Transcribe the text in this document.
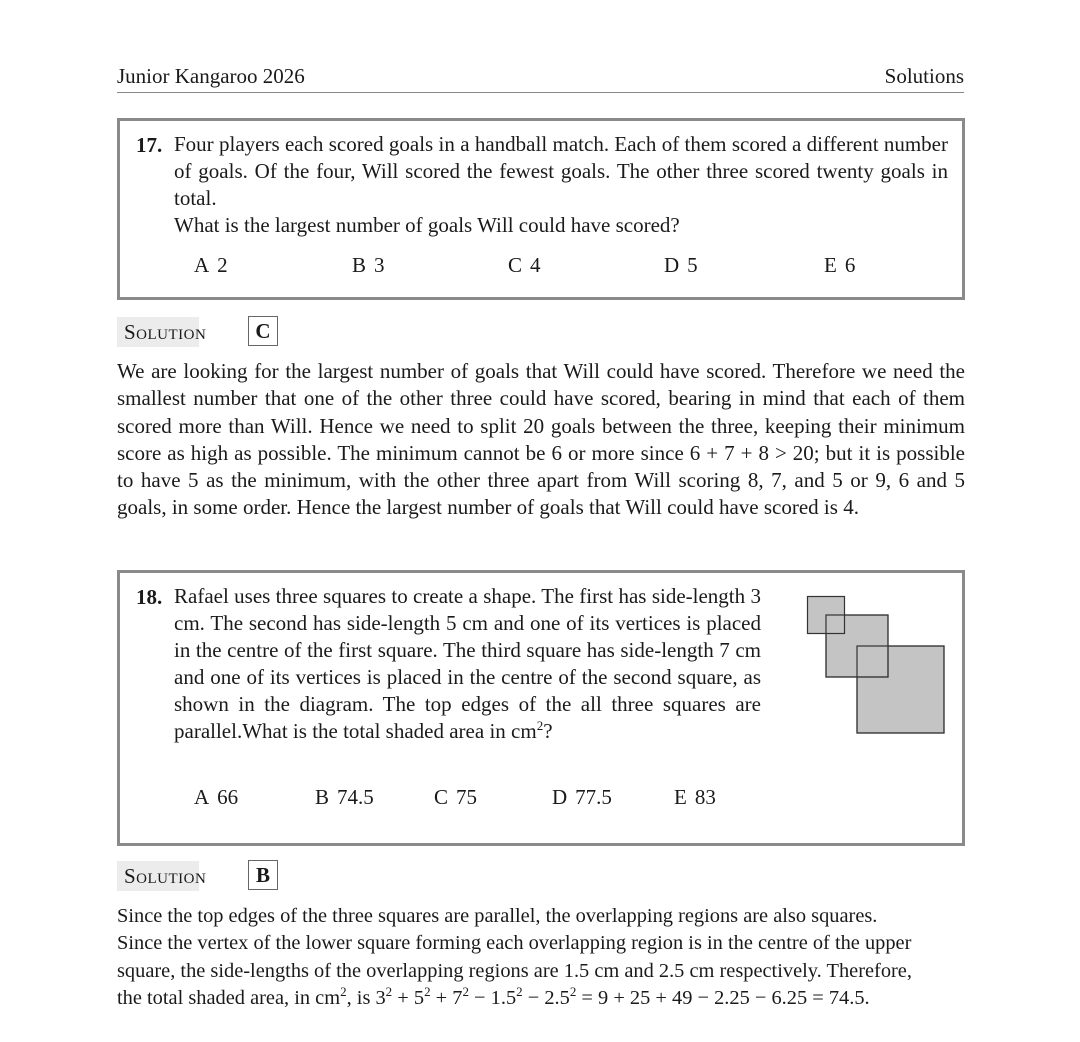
Junior Kangaroo 2026	Solutions
17. Four players each scored goals in a handball match. Each of them scored a different number of goals. Of the four, Will scored the fewest goals. The other three scored twenty goals in total.
What is the largest number of goals Will could have scored?
A 2	B 3	C 4	D 5	E 6
Solution	C
We are looking for the largest number of goals that Will could have scored. Therefore we need the smallest number that one of the other three could have scored, bearing in mind that each of them scored more than Will. Hence we need to split 20 goals between the three, keeping their minimum score as high as possible. The minimum cannot be 6 or more since 6 + 7 + 8 > 20; but it is possible to have 5 as the minimum, with the other three apart from Will scoring 8, 7, and 5 or 9, 6 and 5 goals, in some order. Hence the largest number of goals that Will could have scored is 4.
18. Rafael uses three squares to create a shape. The first has side-length 3 cm. The second has side-length 5 cm and one of its vertices is placed in the centre of the first square. The third square has side-length 7 cm and one of its vertices is placed in the centre of the second square, as shown in the diagram. The top edges of the all three squares are parallel.What is the total shaded area in $cm^2$?
A 66	B 74.5	C 75	D 77.5	E 83
Solution	B
Since the top edges of the three squares are parallel, the overlapping regions are also squares.
Since the vertex of the lower square forming each overlapping region is in the centre of the upper
square, the side-lengths of the overlapping regions are 1.5 cm and 2.5 cm respectively. Therefore,
the total shaded area, in $cm^2$, is $3^2 + 5^2 + 7^2 - 1.5^2 - 2.5^2 = 9 + 25 + 49 - 2.25 - 6.25 = 74.5$.
